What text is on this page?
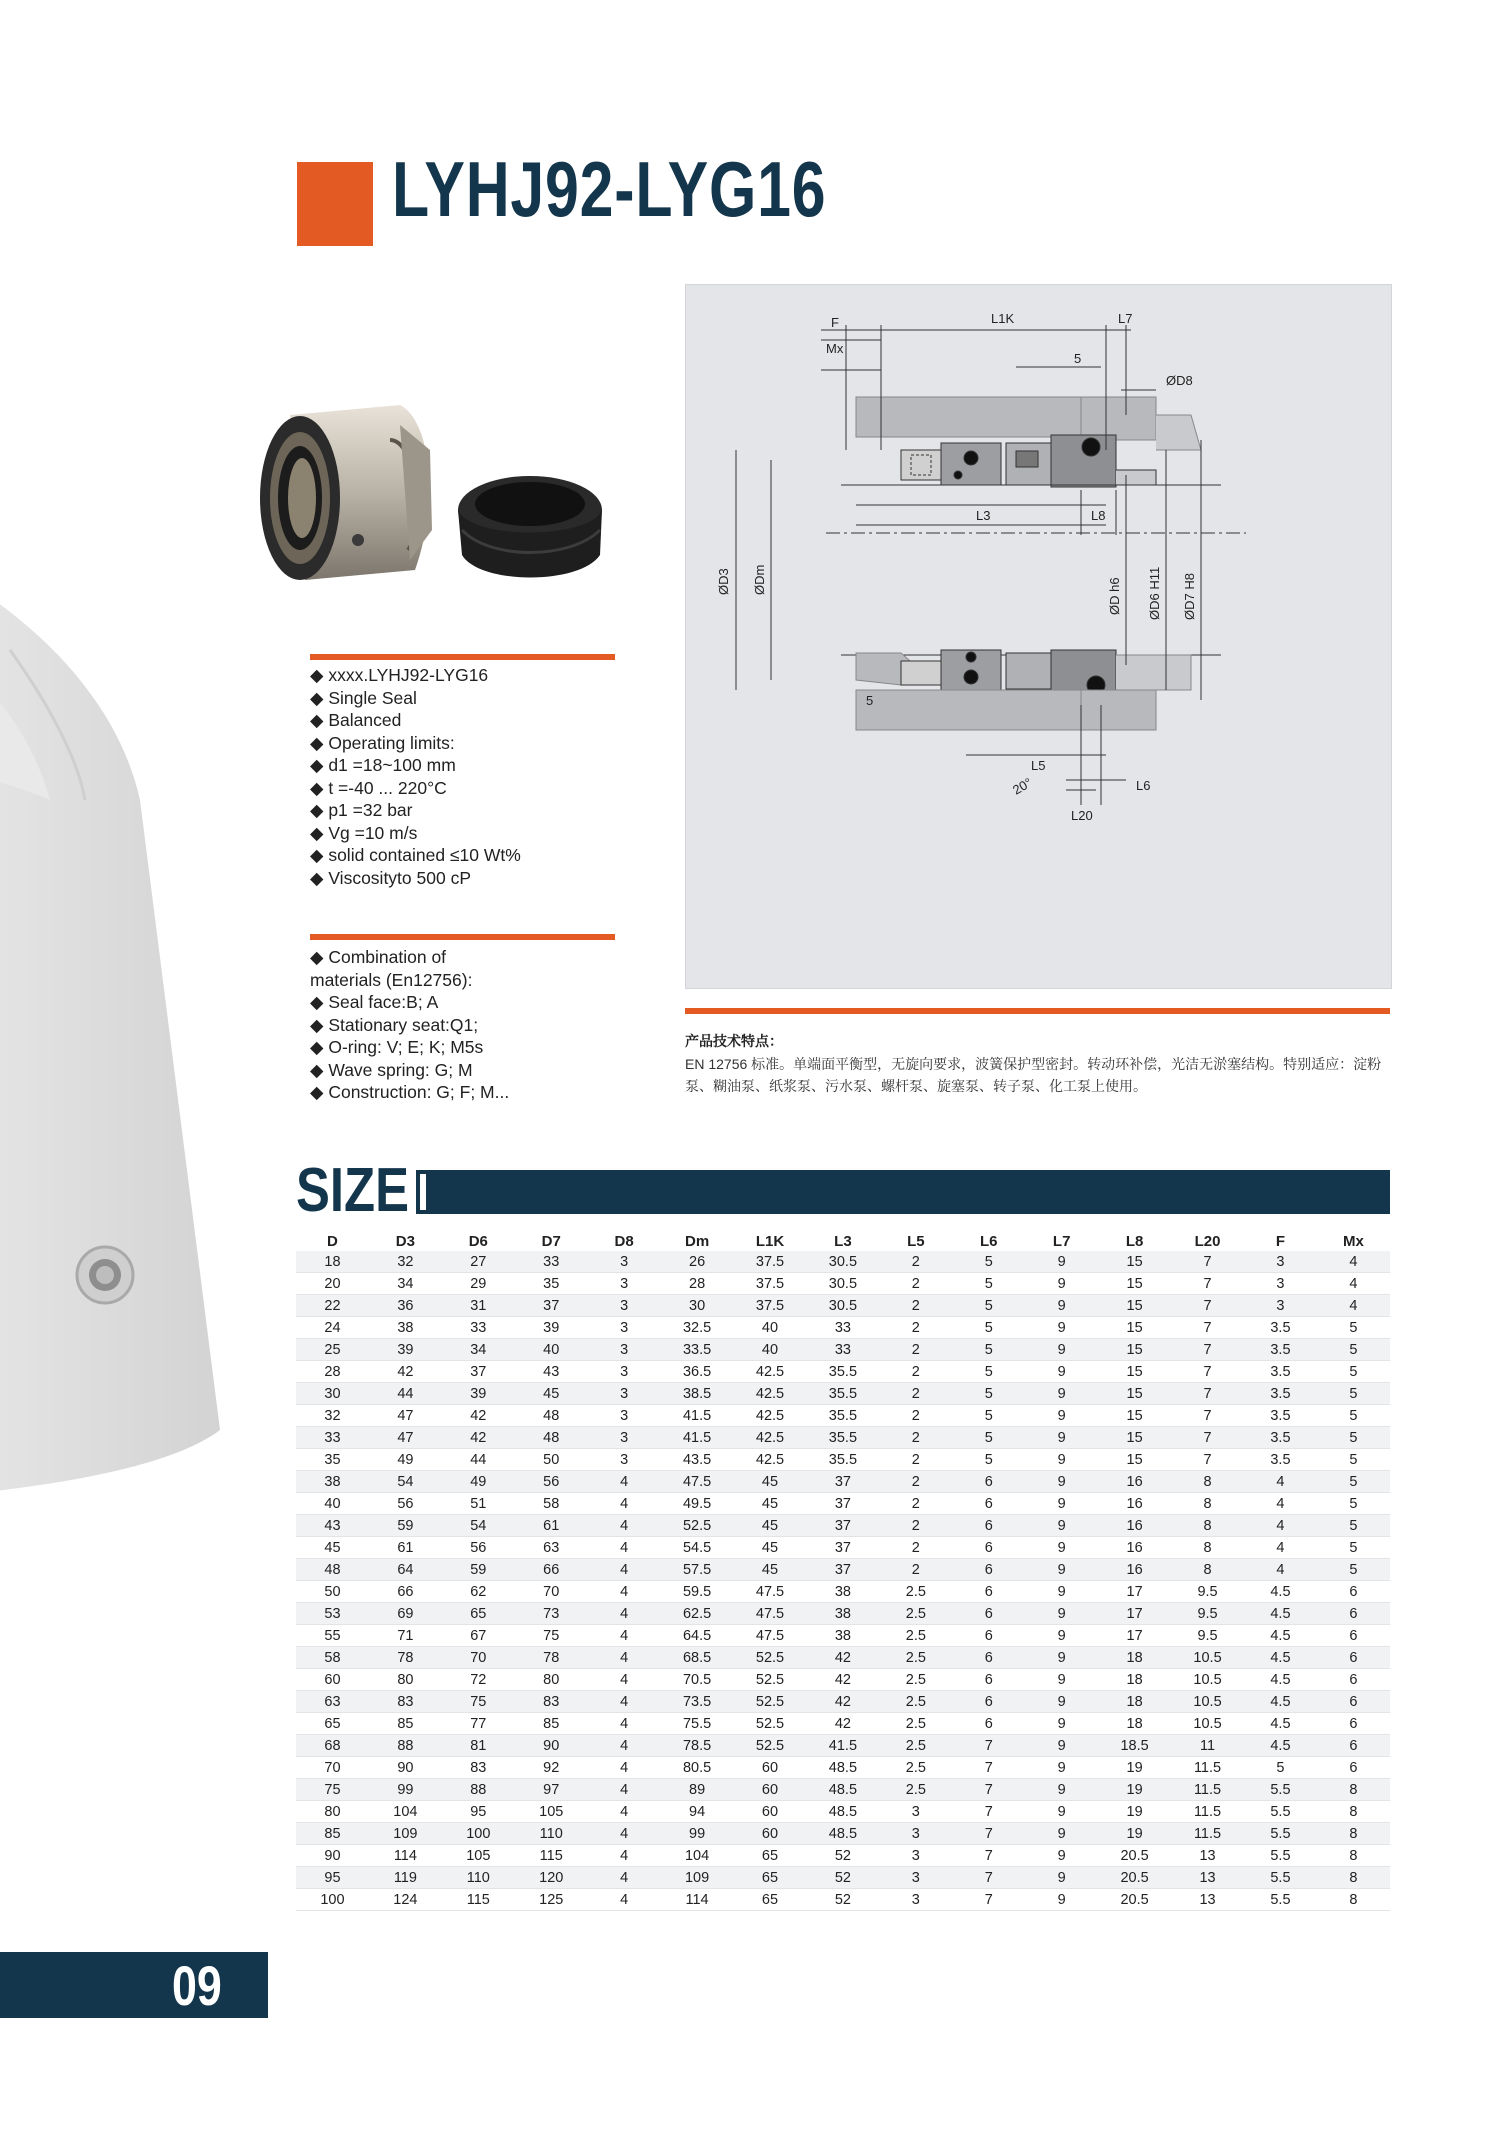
LYHJ92-LYG16
◆ xxxx.LYHJ92-LYG16
◆ Single Seal
◆ Balanced
◆ Operating limits:
◆ d1 =18~100 mm
◆ t =-40 ... 220°C
◆ p1 =32 bar
◆ Vg =10 m/s
◆ solid contained ≤10 Wt%
◆ Viscosityto 500 cP
◆ Combination of
materials (En12756):
◆ Seal face:B; A
◆ Stationary seat:Q1;
◆ O-ring: V; E; K; M5s
◆ Wave spring: G; M
◆ Construction: G; F; M...
F
Mx
L1K	L7
5
ØD8
L3	L8
ØD3 ØDm	ØD h6 ØD6 H11 ØD7 H8
5
20°
L5
L6
L20
产品技术特点：
EN 12756 标准。单端面平衡型，无旋向要求，波簧保护型密封。转动环补偿，光洁无淤塞结构。特别适应：淀粉泵、糊油泵、纸浆泵、污水泵、螺杆泵、旋塞泵、转子泵、化工泵上使用。
SIZE
D	D3	D6	D7	D8	Dm	L1K	L3	L5	L6	L7	L8	L20	F	Mx
18	32	27	33	3	26	37.5	30.5	2	5	9	15	7	3	4
20	34	29	35	3	28	37.5	30.5	2	5	9	15	7	3	4
22	36	31	37	3	30	37.5	30.5	2	5	9	15	7	3	4
24	38	33	39	3	32.5	40	33	2	5	9	15	7	3.5	5
25	39	34	40	3	33.5	40	33	2	5	9	15	7	3.5	5
28	42	37	43	3	36.5	42.5	35.5	2	5	9	15	7	3.5	5
30	44	39	45	3	38.5	42.5	35.5	2	5	9	15	7	3.5	5
32	47	42	48	3	41.5	42.5	35.5	2	5	9	15	7	3.5	5
33	47	42	48	3	41.5	42.5	35.5	2	5	9	15	7	3.5	5
35	49	44	50	3	43.5	42.5	35.5	2	5	9	15	7	3.5	5
38	54	49	56	4	47.5	45	37	2	6	9	16	8	4	5
40	56	51	58	4	49.5	45	37	2	6	9	16	8	4	5
43	59	54	61	4	52.5	45	37	2	6	9	16	8	4	5
45	61	56	63	4	54.5	45	37	2	6	9	16	8	4	5
48	64	59	66	4	57.5	45	37	2	6	9	16	8	4	5
50	66	62	70	4	59.5	47.5	38	2.5	6	9	17	9.5	4.5	6
53	69	65	73	4	62.5	47.5	38	2.5	6	9	17	9.5	4.5	6
55	71	67	75	4	64.5	47.5	38	2.5	6	9	17	9.5	4.5	6
58	78	70	78	4	68.5	52.5	42	2.5	6	9	18	10.5	4.5	6
60	80	72	80	4	70.5	52.5	42	2.5	6	9	18	10.5	4.5	6
63	83	75	83	4	73.5	52.5	42	2.5	6	9	18	10.5	4.5	6
65	85	77	85	4	75.5	52.5	42	2.5	6	9	18	10.5	4.5	6
68	88	81	90	4	78.5	52.5	41.5	2.5	7	9	18.5	11	4.5	6
70	90	83	92	4	80.5	60	48.5	2.5	7	9	19	11.5	5	6
75	99	88	97	4	89	60	48.5	2.5	7	9	19	11.5	5.5	8
80	104	95	105	4	94	60	48.5	3	7	9	19	11.5	5.5	8
85	109	100	110	4	99	60	48.5	3	7	9	19	11.5	5.5	8
90	114	105	115	4	104	65	52	3	7	9	20.5	13	5.5	8
95	119	110	120	4	109	65	52	3	7	9	20.5	13	5.5	8
100	124	115	125	4	114	65	52	3	7	9	20.5	13	5.5	8
09
